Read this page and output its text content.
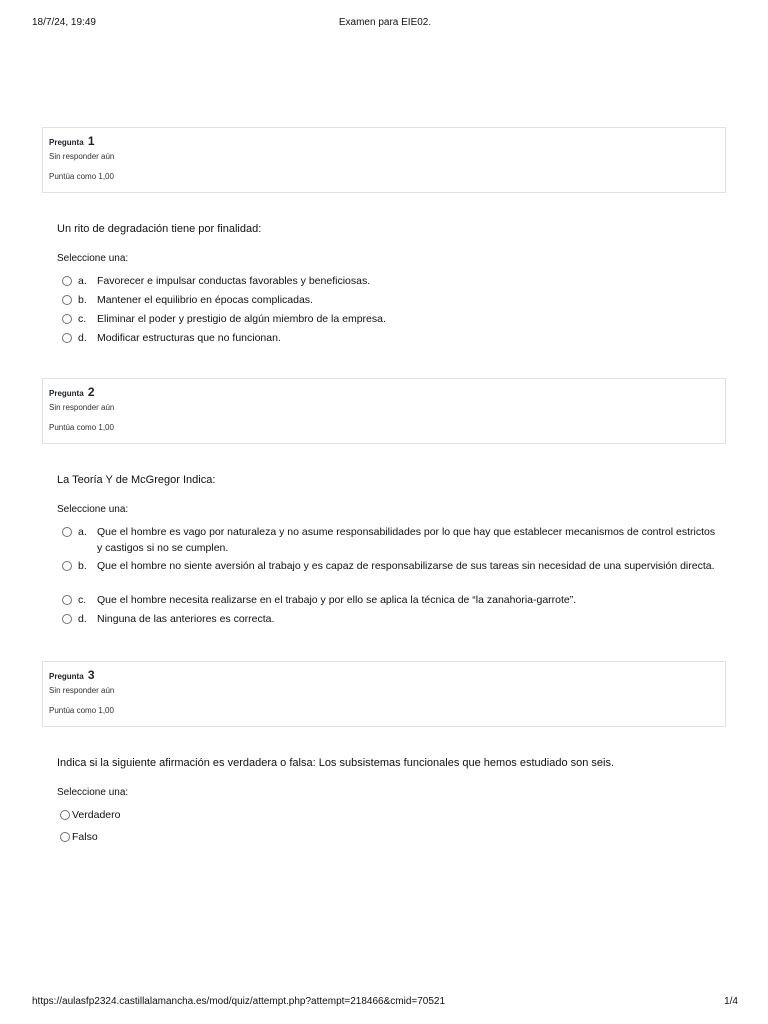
18/7/24, 19:49	Examen para EIE02.
Pregunta 1
Sin responder aún
Puntúa como 1,00
Un rito de degradación tiene por finalidad:
Seleccione una:
a. Favorecer e impulsar conductas favorables y beneficiosas.
b. Mantener el equilibrio en épocas complicadas.
c. Eliminar el poder y prestigio de algún miembro de la empresa.
d. Modificar estructuras que no funcionan.
Pregunta 2
Sin responder aún
Puntúa como 1,00
La Teoría Y de McGregor Indica:
Seleccione una:
a. Que el hombre es vago por naturaleza y no asume responsabilidades por lo que hay que establecer mecanismos de control estrictos y castigos si no se cumplen.
b. Que el hombre no siente aversión al trabajo y es capaz de responsabilizarse de sus tareas sin necesidad de una supervisión directa.
c. Que el hombre necesita realizarse en el trabajo y por ello se aplica la técnica de “la zanahoria-garrote”.
d. Ninguna de las anteriores es correcta.
Pregunta 3
Sin responder aún
Puntúa como 1,00
Indica si la siguiente afirmación es verdadera o falsa: Los subsistemas funcionales que hemos estudiado son seis.
Seleccione una:
Verdadero
Falso
https://aulasfp2324.castillalamancha.es/mod/quiz/attempt.php?attempt=218466&cmid=70521	1/4
